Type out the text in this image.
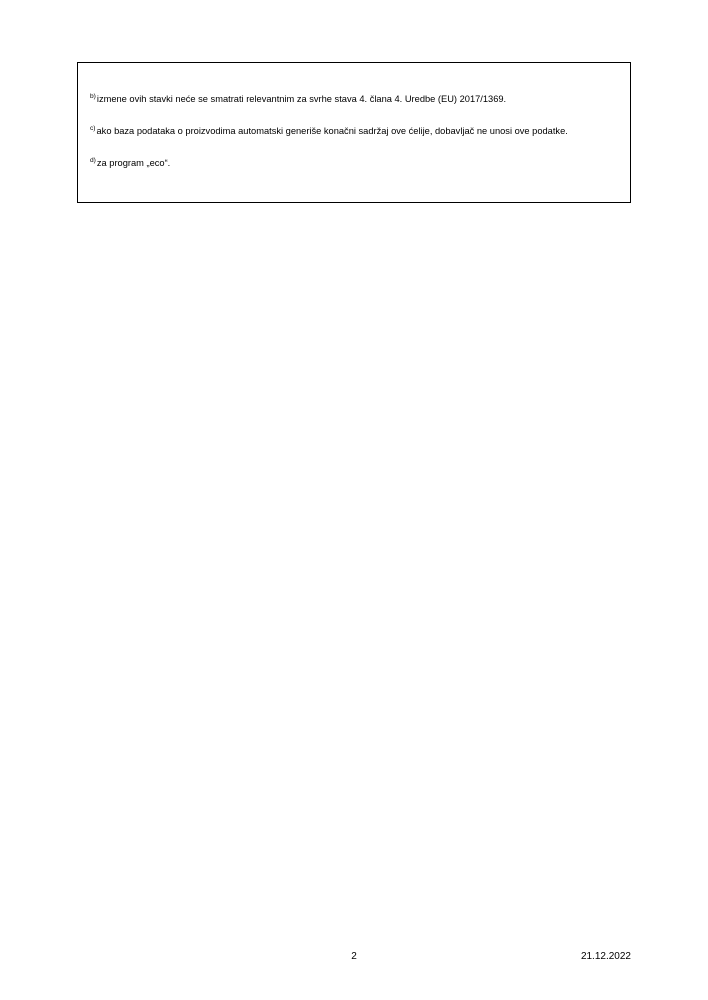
$^{b)}$izmene ovih stavki neće se smatrati relevantnim za svrhe stava 4. člana 4. Uredbe (EU) 2017/1369.

$^{c)}$ako baza podataka o proizvodima automatski generiše konačni sadržaj ove ćelije, dobavljač ne unosi ove podatke.

$^{d)}$za program „eco“.

2	21.12.2022
